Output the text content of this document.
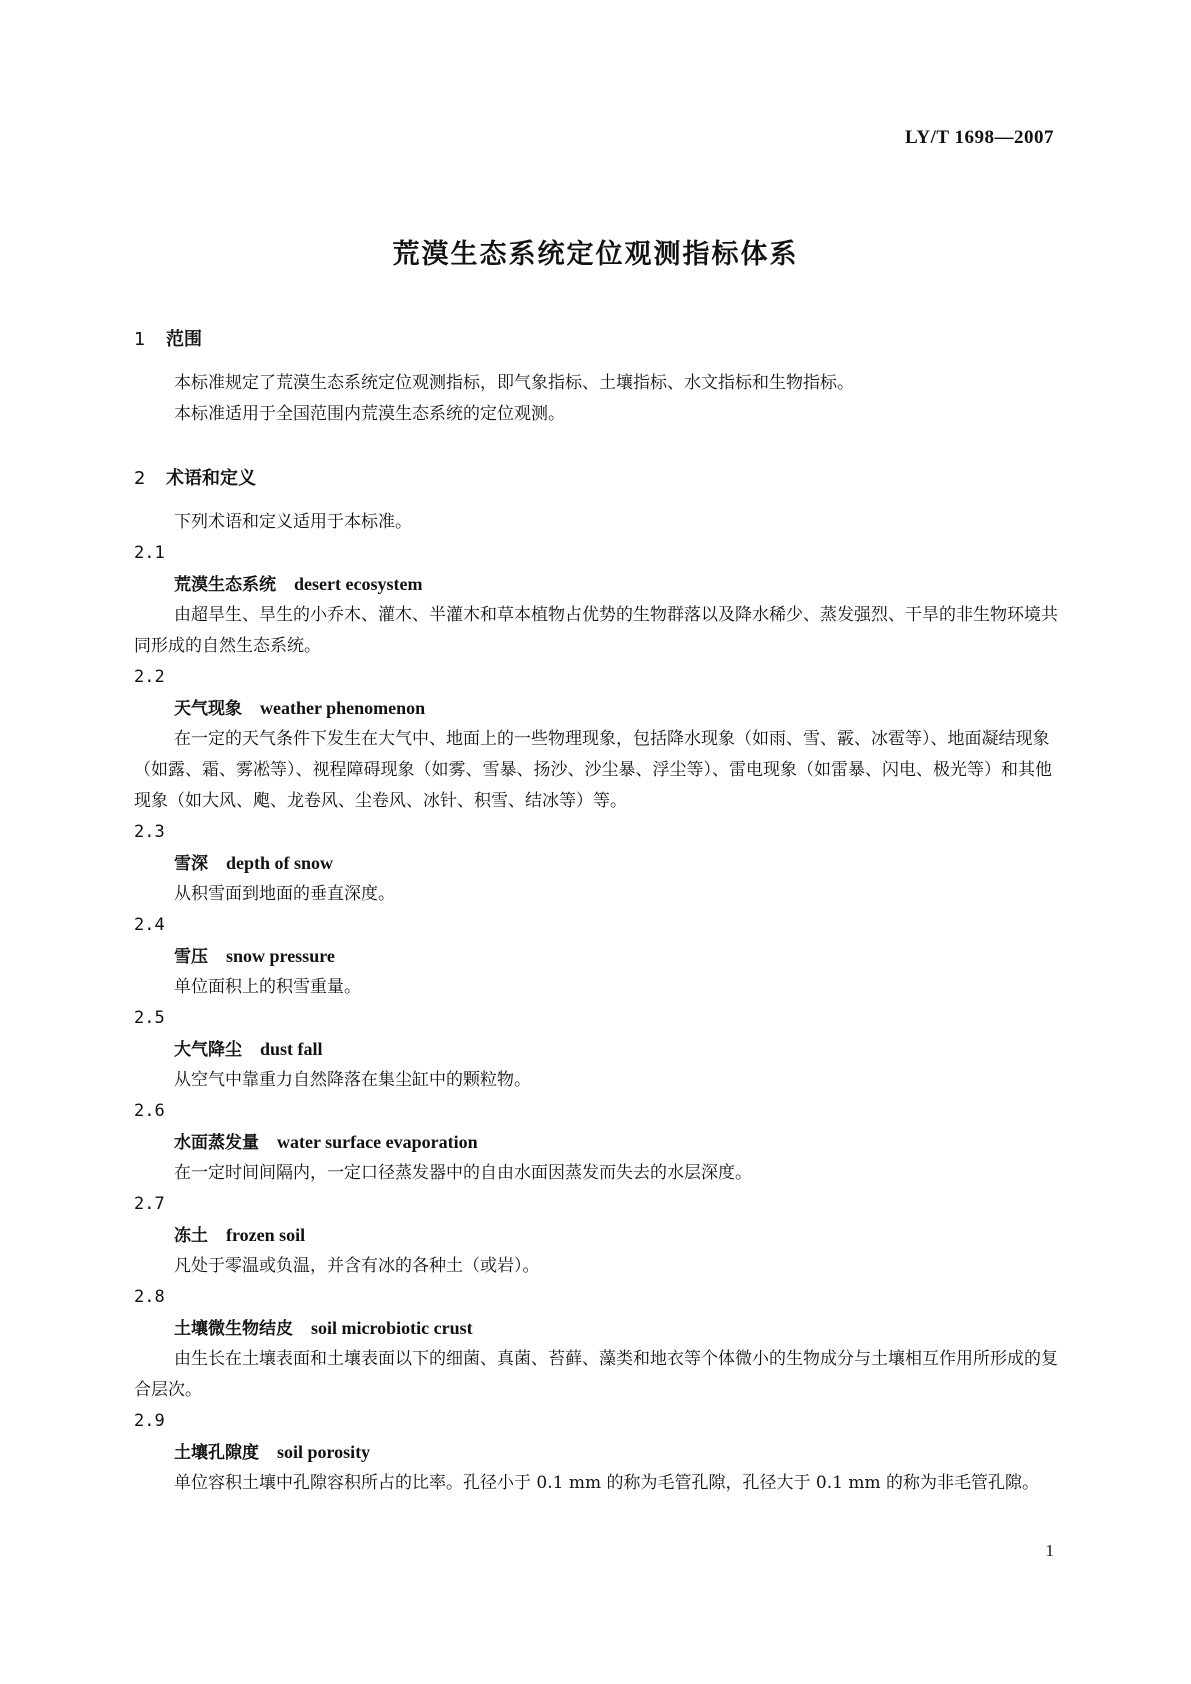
LY/T 1698—2007
荒漠生态系统定位观测指标体系
1 范围

本标准规定了荒漠生态系统定位观测指标，即气象指标、土壤指标、水文指标和生物指标。

本标准适用于全国范围内荒漠生态系统的定位观测。

2 术语和定义

下列术语和定义适用于本标准。

2.1
荒漠生态系统 desert ecosystem

由超旱生、旱生的小乔木、灌木、半灌木和草本植物占优势的生物群落以及降水稀少、蒸发强烈、干旱的非生物环境共同形成的自然生态系统。

2.2
天气现象 weather phenomenon

在一定的天气条件下发生在大气中、地面上的一些物理现象，包括降水现象（如雨、雪、霰、冰雹等）、地面凝结现象（如露、霜、雾凇等）、视程障碍现象（如雾、雪暴、扬沙、沙尘暴、浮尘等）、雷电现象（如雷暴、闪电、极光等）和其他现象（如大风、飑、龙卷风、尘卷风、冰针、积雪、结冰等）等。

2.3
雪深 depth of snow

从积雪面到地面的垂直深度。

2.4
雪压 snow pressure

单位面积上的积雪重量。

2.5
大气降尘 dust fall

从空气中靠重力自然降落在集尘缸中的颗粒物。

2.6
水面蒸发量 water surface evaporation

在一定时间间隔内，一定口径蒸发器中的自由水面因蒸发而失去的水层深度。

2.7
冻土 frozen soil

凡处于零温或负温，并含有冰的各种土（或岩）。

2.8
土壤微生物结皮 soil microbiotic crust

由生长在土壤表面和土壤表面以下的细菌、真菌、苔藓、藻类和地衣等个体微小的生物成分与土壤相互作用所形成的复合层次。

2.9
土壤孔隙度 soil porosity

单位容积土壤中孔隙容积所占的比率。孔径小于 0.1 mm 的称为毛管孔隙，孔径大于 0.1 mm 的称为非毛管孔隙。

1
